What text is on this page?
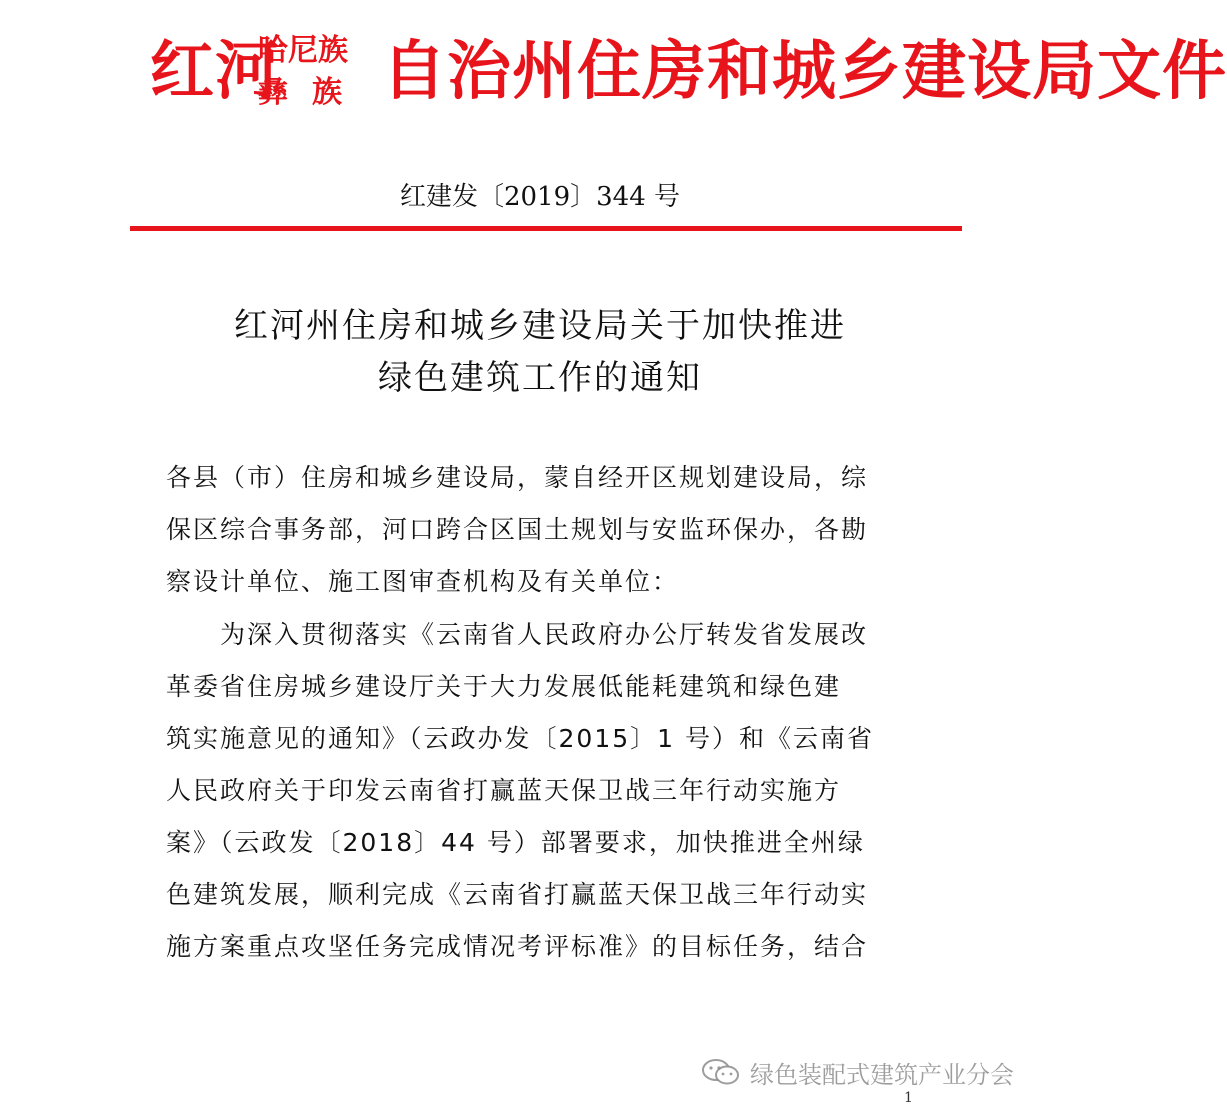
红河
哈尼族
彝族 自治州住房和城乡建设局文件
红建发〔2019〕344 号
红河州住房和城乡建设局关于加快推进
绿色建筑工作的通知
各县（市）住房和城乡建设局，蒙自经开区规划建设局，综
保区综合事务部，河口跨合区国土规划与安监环保办，各勘
察设计单位、施工图审查机构及有关单位：
为深入贯彻落实《云南省人民政府办公厅转发省发展改
革委省住房城乡建设厅关于大力发展低能耗建筑和绿色建
筑实施意见的通知》（云政办发〔2015〕1 号）和《云南省
人民政府关于印发云南省打赢蓝天保卫战三年行动实施方
案》（云政发〔2018〕44 号）部署要求，加快推进全州绿
色建筑发展，顺利完成《云南省打赢蓝天保卫战三年行动实
施方案重点攻坚任务完成情况考评标准》的目标任务，结合
绿色装配式建筑产业分会
1
